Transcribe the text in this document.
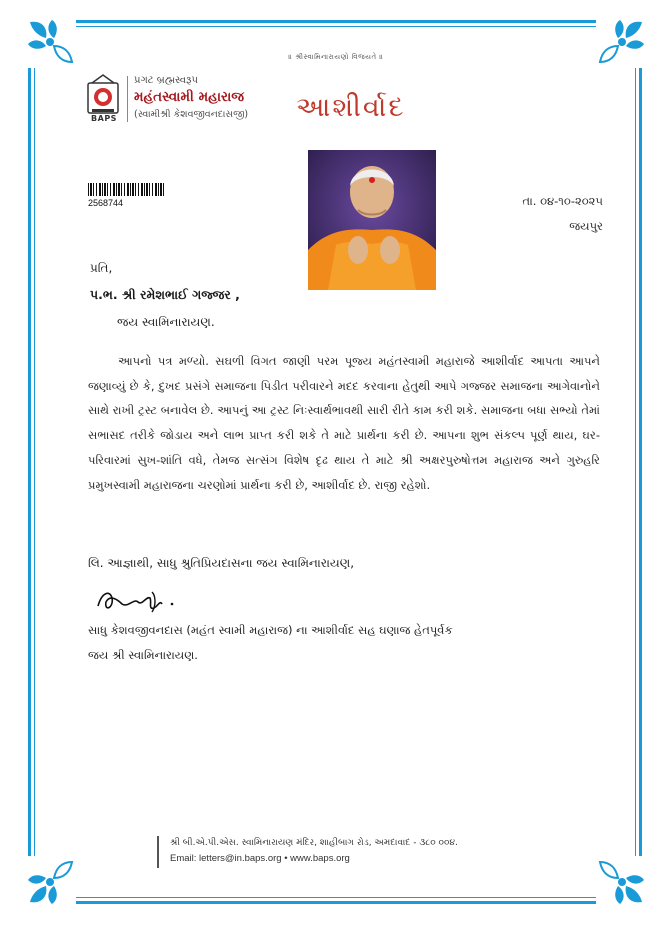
॥ શ્રીસ્વામિનારાયણો વિજયતે ॥
BAPS
પ્રગટ બ્રહ્મસ્વરૂપ
મહંતસ્વામી મહારાજ
(સ્વામીશ્રી કેશવજીવનદાસજી) આશીર્વાદ
2568744	તા. ૦૪-૧૦-૨૦૨૫
જયપુર
પ્રતિ,
પ.ભ. શ્રી રમેશભાઈ ગજ્જર ,
જય સ્વામિનારાયણ.
આપનો પત્ર મળ્યો. સઘળી વિગત જાણી પરમ પૂજ્ય મહંતસ્વામી મહારાજે આશીર્વાદ આપતા આપને જણાવ્યું છે કે, દુખદ પ્રસંગે સમાજના પિડીત પરીવારને મદદ કરવાના હેતુથી આપે ગજ્જર સમાજના આગેવાનોને સાથે રાખી ટ્રસ્ટ બનાવેલ છે. આપનું આ ટ્રસ્ટ નિઃસ્વાર્થભાવથી સારી રીતે કામ કરી શકે. સમાજના બધા સભ્યો તેમાં સભાસદ તરીકે જોડાય અને લાભ પ્રાપ્ત કરી શકે તે માટે પ્રાર્થના કરી છે. આપના શુભ સંકલ્પ પૂર્ણ થાય, ઘર-પરિવારમાં સુખ-શાંતિ વધે, તેમજ સત્સંગ વિશેષ દૃઢ થાય તે માટે શ્રી અક્ષરપુરુષોત્તમ મહારાજ અને ગુરુહરિ પ્રમુખસ્વામી મહારાજના ચરણોમાં પ્રાર્થના કરી છે, આશીર્વાદ છે. રાજી રહેશો.
લિ. આજ્ઞાથી, સાધુ શ્રુતિપ્રિયદાસના જય સ્વામિનારાયણ,
સાધુ કેશવજીવનદાસ (મહંત સ્વામી મહારાજ) ના આશીર્વાદ સહ ઘણાજ હેતપૂર્વક
જય શ્રી સ્વામિનારાયણ.
શ્રી બી.એ.પી.એસ. સ્વામિનારાયણ મંદિર, શાહીબાગ રોડ, અમદાવાદ - ૩૮૦ ૦૦૪.
Email: letters@in.baps.org • www.baps.org
